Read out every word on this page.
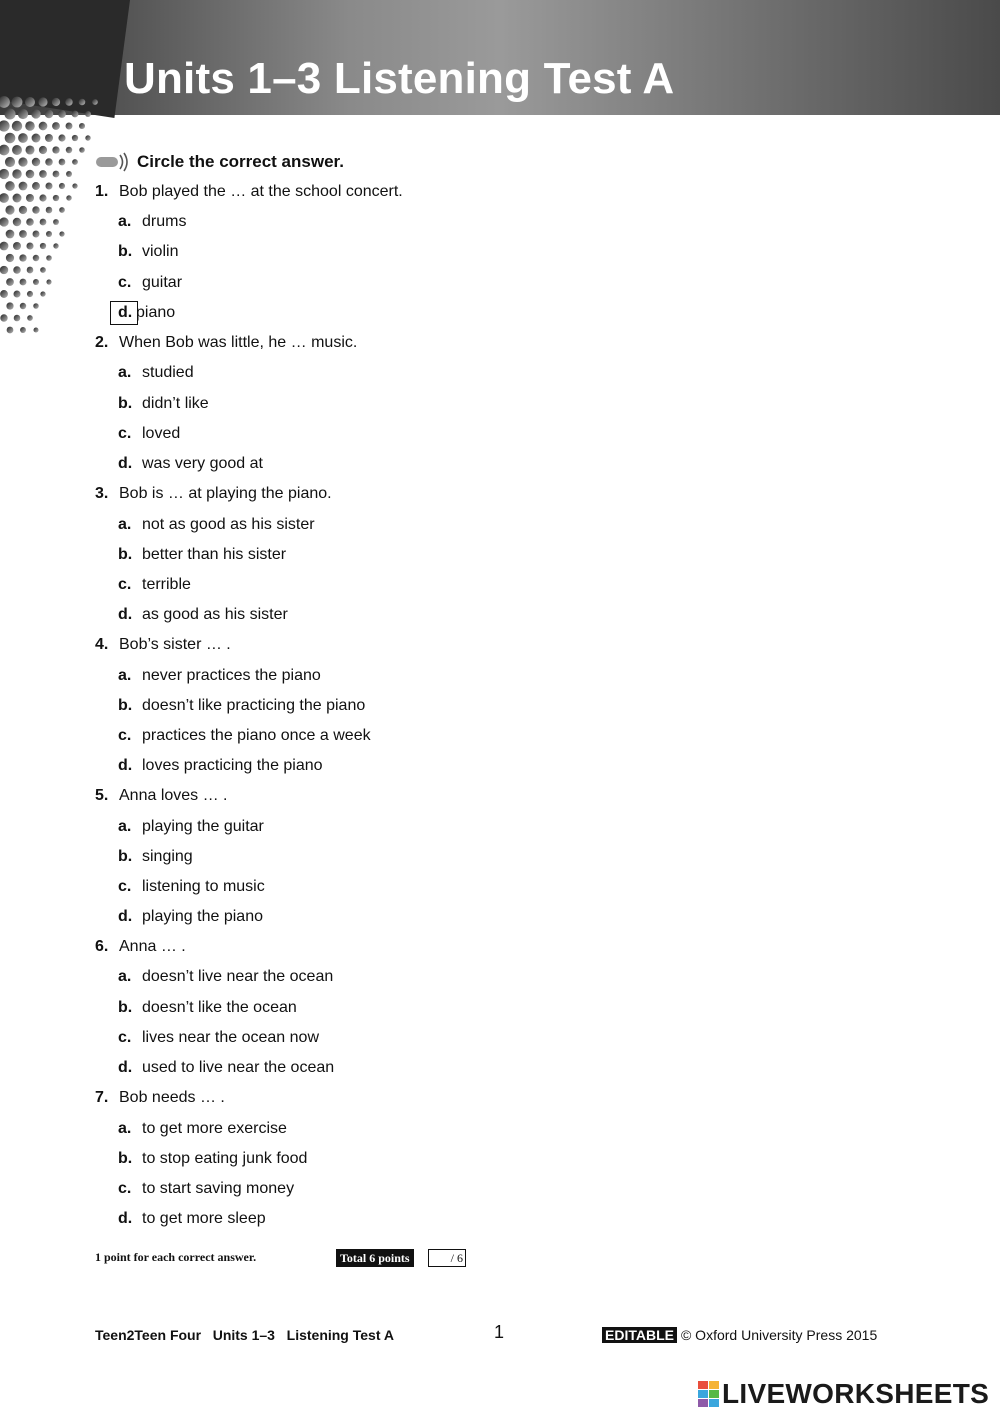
Units 1–3 Listening Test A
Circle the correct answer.
1. Bob played the … at the school concert.
a. drums
b. violin
c. guitar
d. piano
2. When Bob was little, he … music.
a. studied
b. didn’t like
c. loved
d. was very good at
3. Bob is … at playing the piano.
a. not as good as his sister
b. better than his sister
c. terrible
d. as good as his sister
4. Bob’s sister … .
a. never practices the piano
b. doesn’t like practicing the piano
c. practices the piano once a week
d. loves practicing the piano
5. Anna loves … .
a. playing the guitar
b. singing
c. listening to music
d. playing the piano
6. Anna … .
a. doesn’t live near the ocean
b. doesn’t like the ocean
c. lives near the ocean now
d. used to live near the ocean
7. Bob needs … .
a. to get more exercise
b. to stop eating junk food
c. to start saving money
d. to get more sleep
1 point for each correct answer.	Total 6 points	/ 6
Teen2Teen Four   Units 1–3   Listening Test A	1	EDITABLE © Oxford University Press 2015
LIVEWORKSHEETS
